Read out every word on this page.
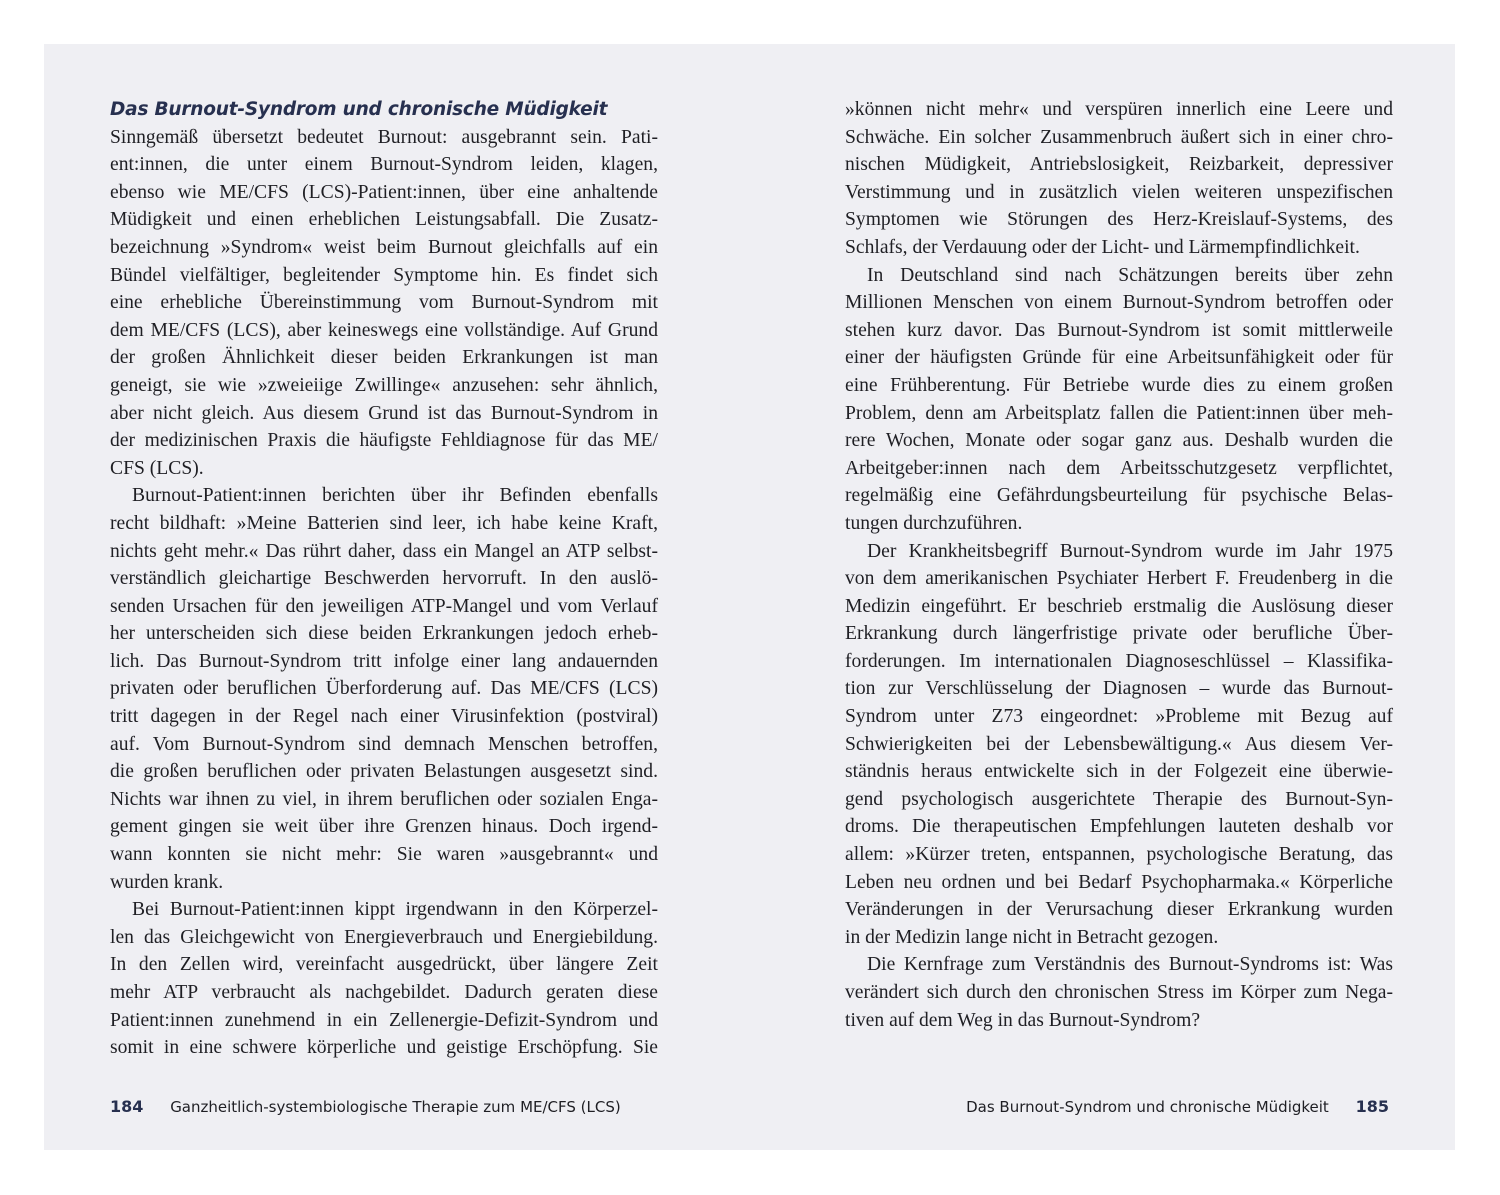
Das Burnout-Syndrom und chronische Müdigkeit
Sinngemäß übersetzt bedeutet Burnout: ausgebrannt sein. Pati-
ent:innen, die unter einem Burnout-Syndrom leiden, klagen,
ebenso wie ME/CFS (LCS)-Patient:innen, über eine anhaltende
Müdigkeit und einen erheblichen Leistungsabfall. Die Zusatz-
bezeichnung »Syndrom« weist beim Burnout gleichfalls auf ein
Bündel vielfältiger, begleitender Symptome hin. Es findet sich
eine erhebliche Übereinstimmung vom Burnout-Syndrom mit
dem ME/CFS (LCS), aber keineswegs eine vollständige. Auf Grund
der großen Ähnlichkeit dieser beiden Erkrankungen ist man
geneigt, sie wie »zweieiige Zwillinge« anzusehen: sehr ähnlich,
aber nicht gleich. Aus diesem Grund ist das Burnout-Syndrom in
der medizinischen Praxis die häufigste Fehldiagnose für das ME/
CFS (LCS).
Burnout-Patient:innen berichten über ihr Befinden ebenfalls
recht bildhaft: »Meine Batterien sind leer, ich habe keine Kraft,
nichts geht mehr.« Das rührt daher, dass ein Mangel an ATP selbst-
verständlich gleichartige Beschwerden hervorruft. In den auslö-
senden Ursachen für den jeweiligen ATP-Mangel und vom Verlauf
her unterscheiden sich diese beiden Erkrankungen jedoch erheb-
lich. Das Burnout-Syndrom tritt infolge einer lang andauernden
privaten oder beruflichen Überforderung auf. Das ME/CFS (LCS)
tritt dagegen in der Regel nach einer Virusinfektion (postviral)
auf. Vom Burnout-Syndrom sind demnach Menschen betroffen,
die großen beruflichen oder privaten Belastungen ausgesetzt sind.
Nichts war ihnen zu viel, in ihrem beruflichen oder sozialen Enga-
gement gingen sie weit über ihre Grenzen hinaus. Doch irgend-
wann konnten sie nicht mehr: Sie waren »ausgebrannt« und
wurden krank.
Bei Burnout-Patient:innen kippt irgendwann in den Körperzel-
len das Gleichgewicht von Energieverbrauch und Energiebildung.
In den Zellen wird, vereinfacht ausgedrückt, über längere Zeit
mehr ATP verbraucht als nachgebildet. Dadurch geraten diese
Patient:innen zunehmend in ein Zellenergie-Defizit-Syndrom und
somit in eine schwere körperliche und geistige Erschöpfung. Sie
»können nicht mehr« und verspüren innerlich eine Leere und
Schwäche. Ein solcher Zusammenbruch äußert sich in einer chro-
nischen Müdigkeit, Antriebslosigkeit, Reizbarkeit, depressiver
Verstimmung und in zusätzlich vielen weiteren unspezifischen
Symptomen wie Störungen des Herz-Kreislauf-Systems, des
Schlafs, der Verdauung oder der Licht- und Lärmempfindlichkeit.
In Deutschland sind nach Schätzungen bereits über zehn
Millionen Menschen von einem Burnout-Syndrom betroffen oder
stehen kurz davor. Das Burnout-Syndrom ist somit mittlerweile
einer der häufigsten Gründe für eine Arbeitsunfähigkeit oder für
eine Frühberentung. Für Betriebe wurde dies zu einem großen
Problem, denn am Arbeitsplatz fallen die Patient:innen über meh-
rere Wochen, Monate oder sogar ganz aus. Deshalb wurden die
Arbeitgeber:innen nach dem Arbeitsschutzgesetz verpflichtet,
regelmäßig eine Gefährdungsbeurteilung für psychische Belas-
tungen durchzuführen.
Der Krankheitsbegriff Burnout-Syndrom wurde im Jahr 1975
von dem amerikanischen Psychiater Herbert F. Freudenberg in die
Medizin eingeführt. Er beschrieb erstmalig die Auslösung dieser
Erkrankung durch längerfristige private oder berufliche Über-
forderungen. Im internationalen Diagnoseschlüssel – Klassifika-
tion zur Verschlüsselung der Diagnosen – wurde das Burnout-
Syndrom unter Z73 eingeordnet: »Probleme mit Bezug auf
Schwierigkeiten bei der Lebensbewältigung.« Aus diesem Ver-
ständnis heraus entwickelte sich in der Folgezeit eine überwie-
gend psychologisch ausgerichtete Therapie des Burnout-Syn-
droms. Die therapeutischen Empfehlungen lauteten deshalb vor
allem: »Kürzer treten, entspannen, psychologische Beratung, das
Leben neu ordnen und bei Bedarf Psychopharmaka.« Körperliche
Veränderungen in der Verursachung dieser Erkrankung wurden
in der Medizin lange nicht in Betracht gezogen.
Die Kernfrage zum Verständnis des Burnout-Syndroms ist: Was
verändert sich durch den chronischen Stress im Körper zum Nega-
tiven auf dem Weg in das Burnout-Syndrom?
184 Ganzheitlich-systembiologische Therapie zum ME/CFS (LCS)	Das Burnout-Syndrom und chronische Müdigkeit 185
